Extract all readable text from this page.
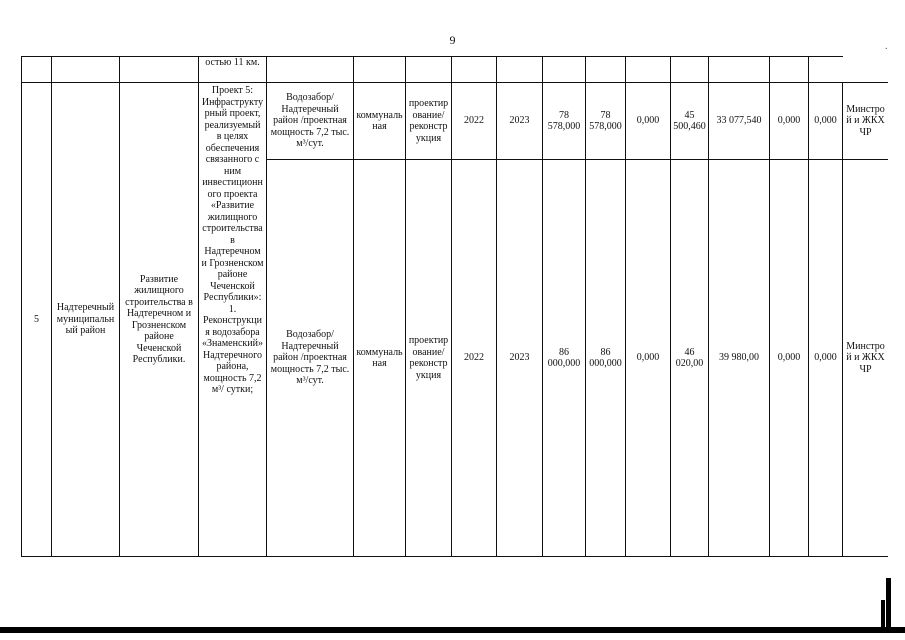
9	.
			остью 11 км.													
5	Надтеречный муниципальный район	Развитие жилищного строительства в Надтеречном и Грозненском районе Чеченской Республики.	Проект 5: Инфраструктурный проект, реализуемый в целях обеспечения связанного с ним инвестиционного проекта «Развитие жилищного строительства в Надтеречном и Грозненском районе Чеченской Республики»: 1. Реконструкция водозабора «Знаменский» Надтеречного района, мощность 7,2 м³/ сутки;	Водозабор/ Надтеречный район /проектная мощность 7,2 тыс. м³/сут.	коммунальная	проектирование/реконструкция	2022	2023	78 578,000	78 578,000	0,000	45 500,460	33 077,540	0,000	0,000	Минстрой и ЖКХ ЧР
				Водозабор/ Надтеречный район /проектная мощность 7,2 тыс. м³/сут.	коммунальная	проектирование/реконструкция	2022	2023	86 000,000	86 000,000	0,000	46 020,00	39 980,00	0,000	0,000	Минстрой и ЖКХ ЧР
